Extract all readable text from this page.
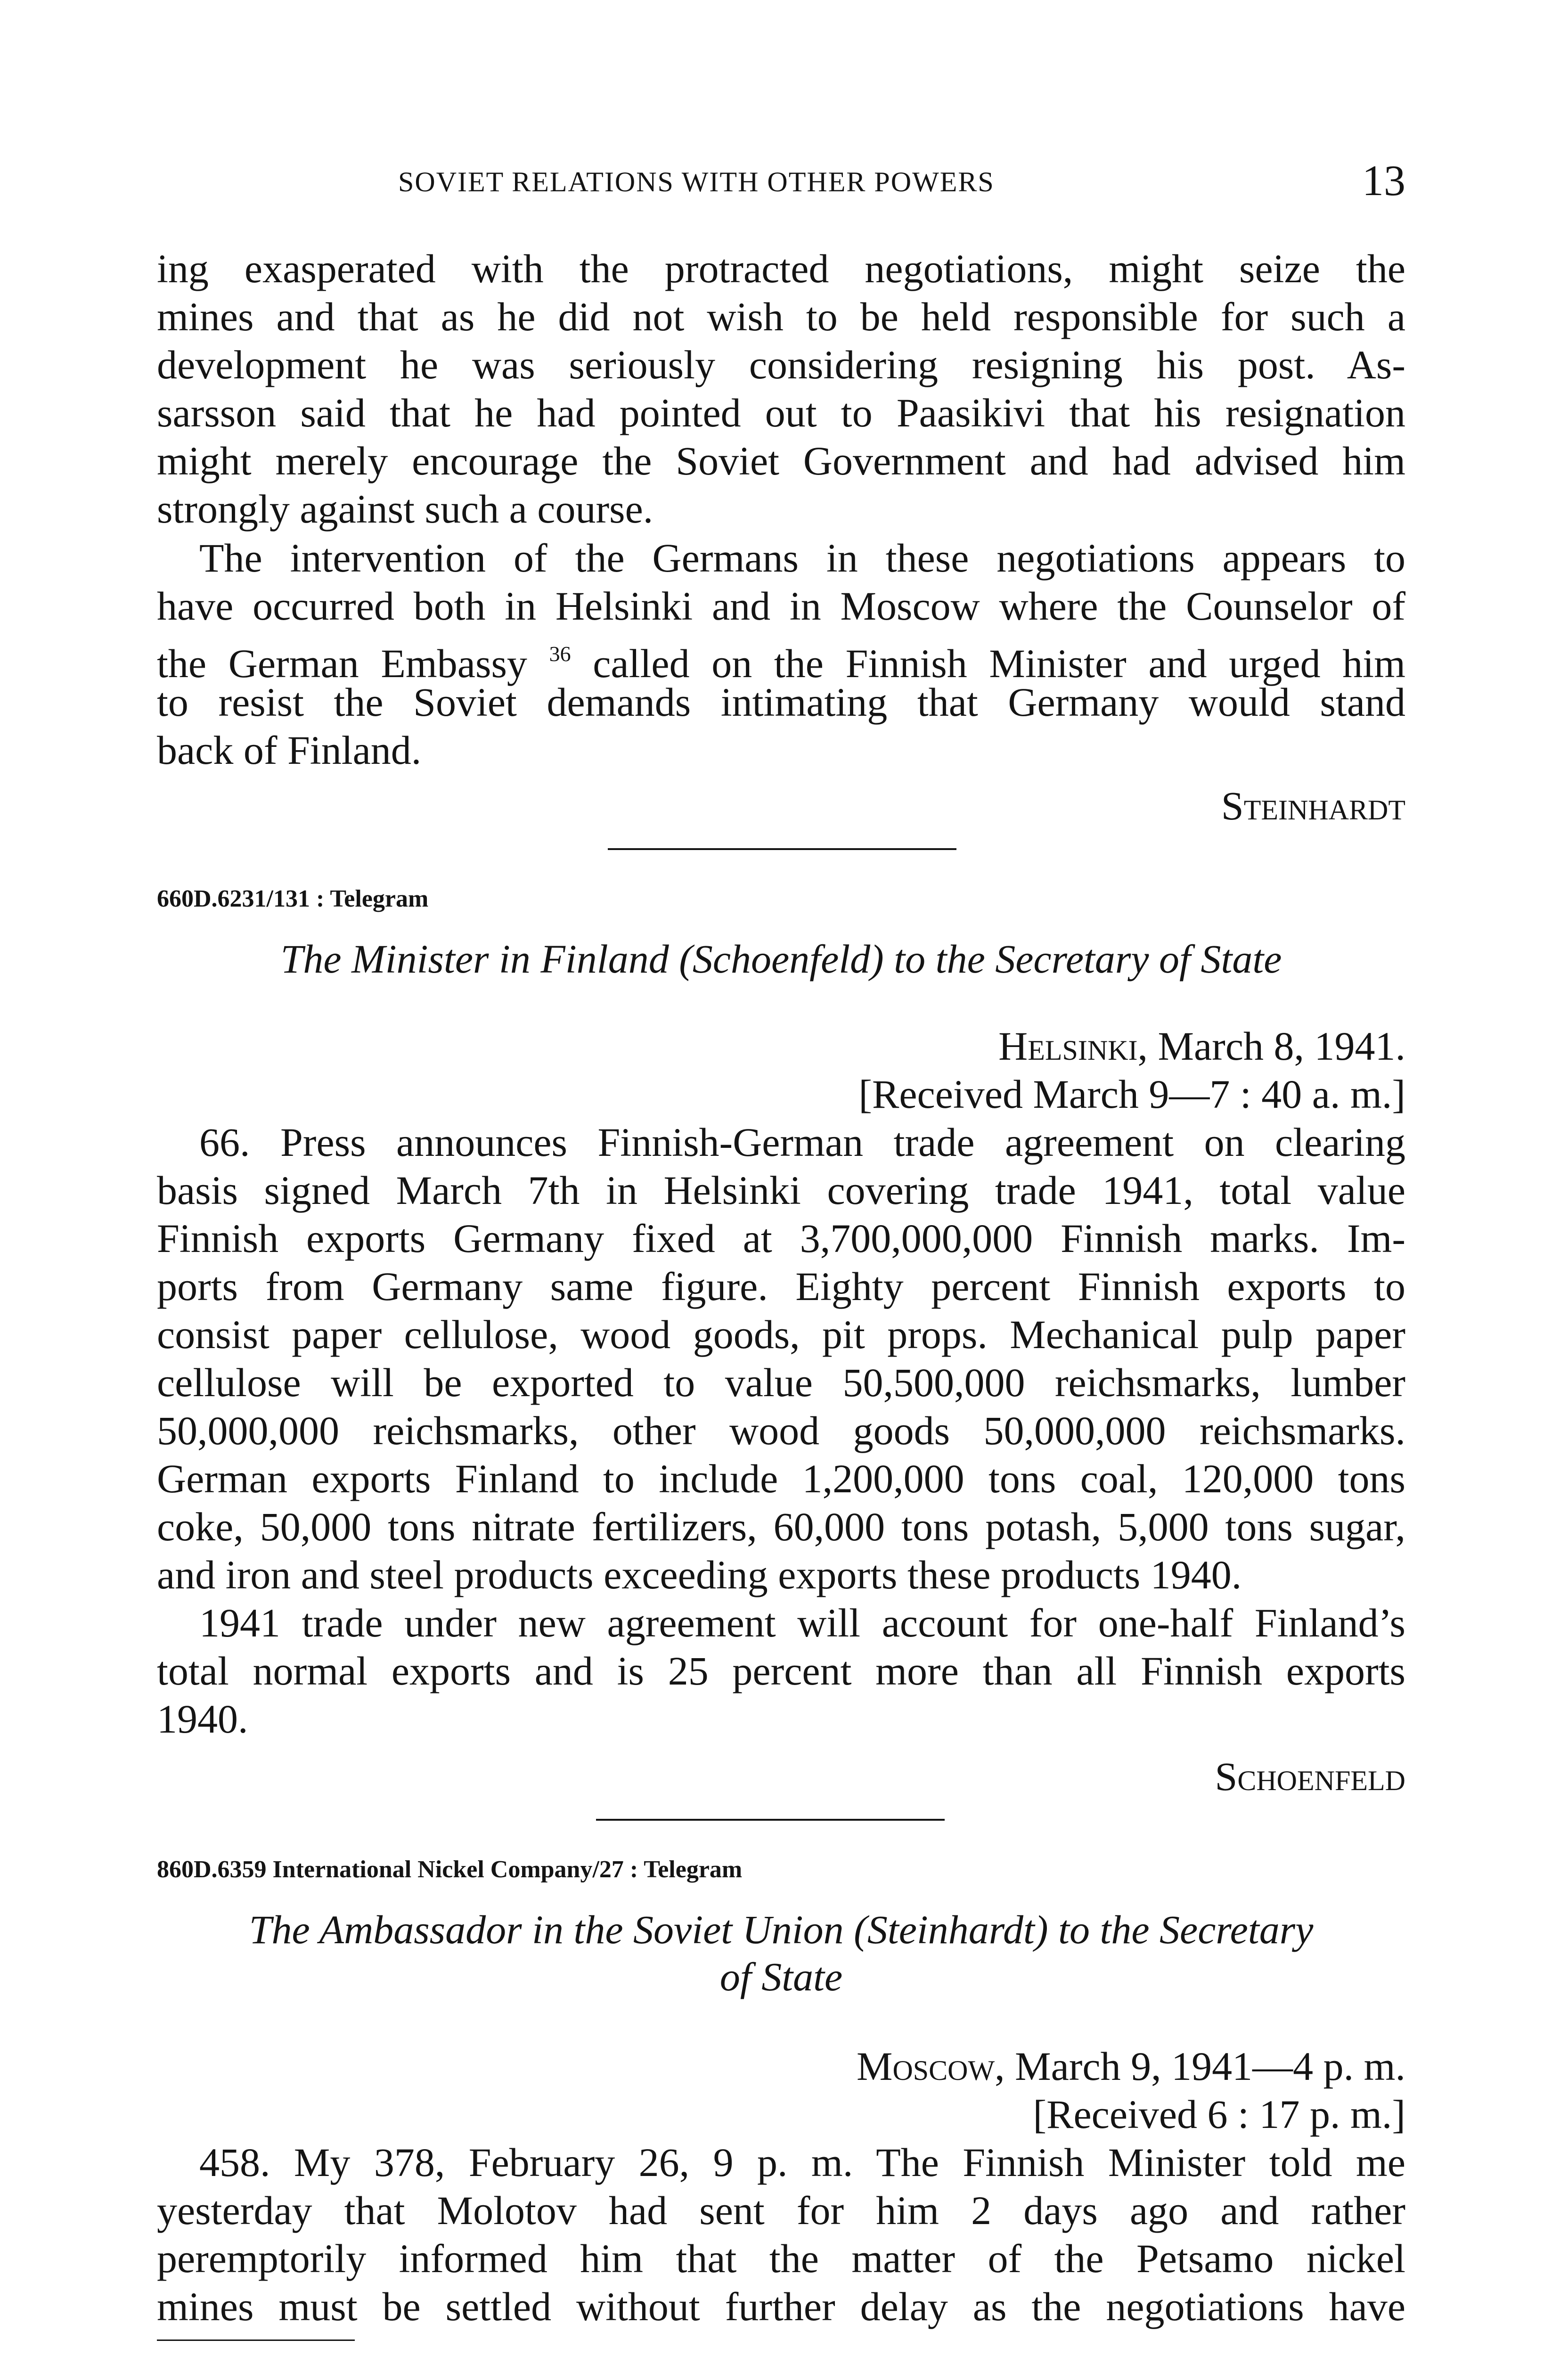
SOVIET RELATIONS WITH OTHER POWERS	13
ing exasperated with the protracted negotiations, might seize the
mines and that as he did not wish to be held responsible for such a
development he was seriously considering resigning his post. As-
sarsson said that he had pointed out to Paasikivi that his resignation
might merely encourage the Soviet Government and had advised him
strongly against such a course.
The intervention of the Germans in these negotiations appears to
have occurred both in Helsinki and in Moscow where the Counselor of
the German Embassy $^{36}$ called on the Finnish Minister and urged him
to resist the Soviet demands intimating that Germany would stand
back of Finland.
Steinhardt
660D.6231/131 : Telegram
The Minister in Finland (Schoenfeld) to the Secretary of State
Helsinki, March 8, 1941.
[Received March 9—7 : 40 a. m.]
66. Press announces Finnish-German trade agreement on clearing
basis signed March 7th in Helsinki covering trade 1941, total value
Finnish exports Germany fixed at 3,700,000,000 Finnish marks. Im-
ports from Germany same figure. Eighty percent Finnish exports to
consist paper cellulose, wood goods, pit props. Mechanical pulp paper
cellulose will be exported to value 50,500,000 reichsmarks, lumber
50,000,000 reichsmarks, other wood goods 50,000,000 reichsmarks.
German exports Finland to include 1,200,000 tons coal, 120,000 tons
coke, 50,000 tons nitrate fertilizers, 60,000 tons potash, 5,000 tons sugar,
and iron and steel products exceeding exports these products 1940.
1941 trade under new agreement will account for one-half Finland’s
total normal exports and is 25 percent more than all Finnish exports
1940.
Schoenfeld
860D.6359 International Nickel Company/27 : Telegram
The Ambassador in the Soviet Union (Steinhardt) to the Secretary
of State
Moscow, March 9, 1941—4 p. m.
[Received 6 : 17 p. m.]
458. My 378, February 26, 9 p. m. The Finnish Minister told me
yesterday that Molotov had sent for him 2 days ago and rather
peremptorily informed him that the matter of the Petsamo nickel
mines must be settled without further delay as the negotiations have
